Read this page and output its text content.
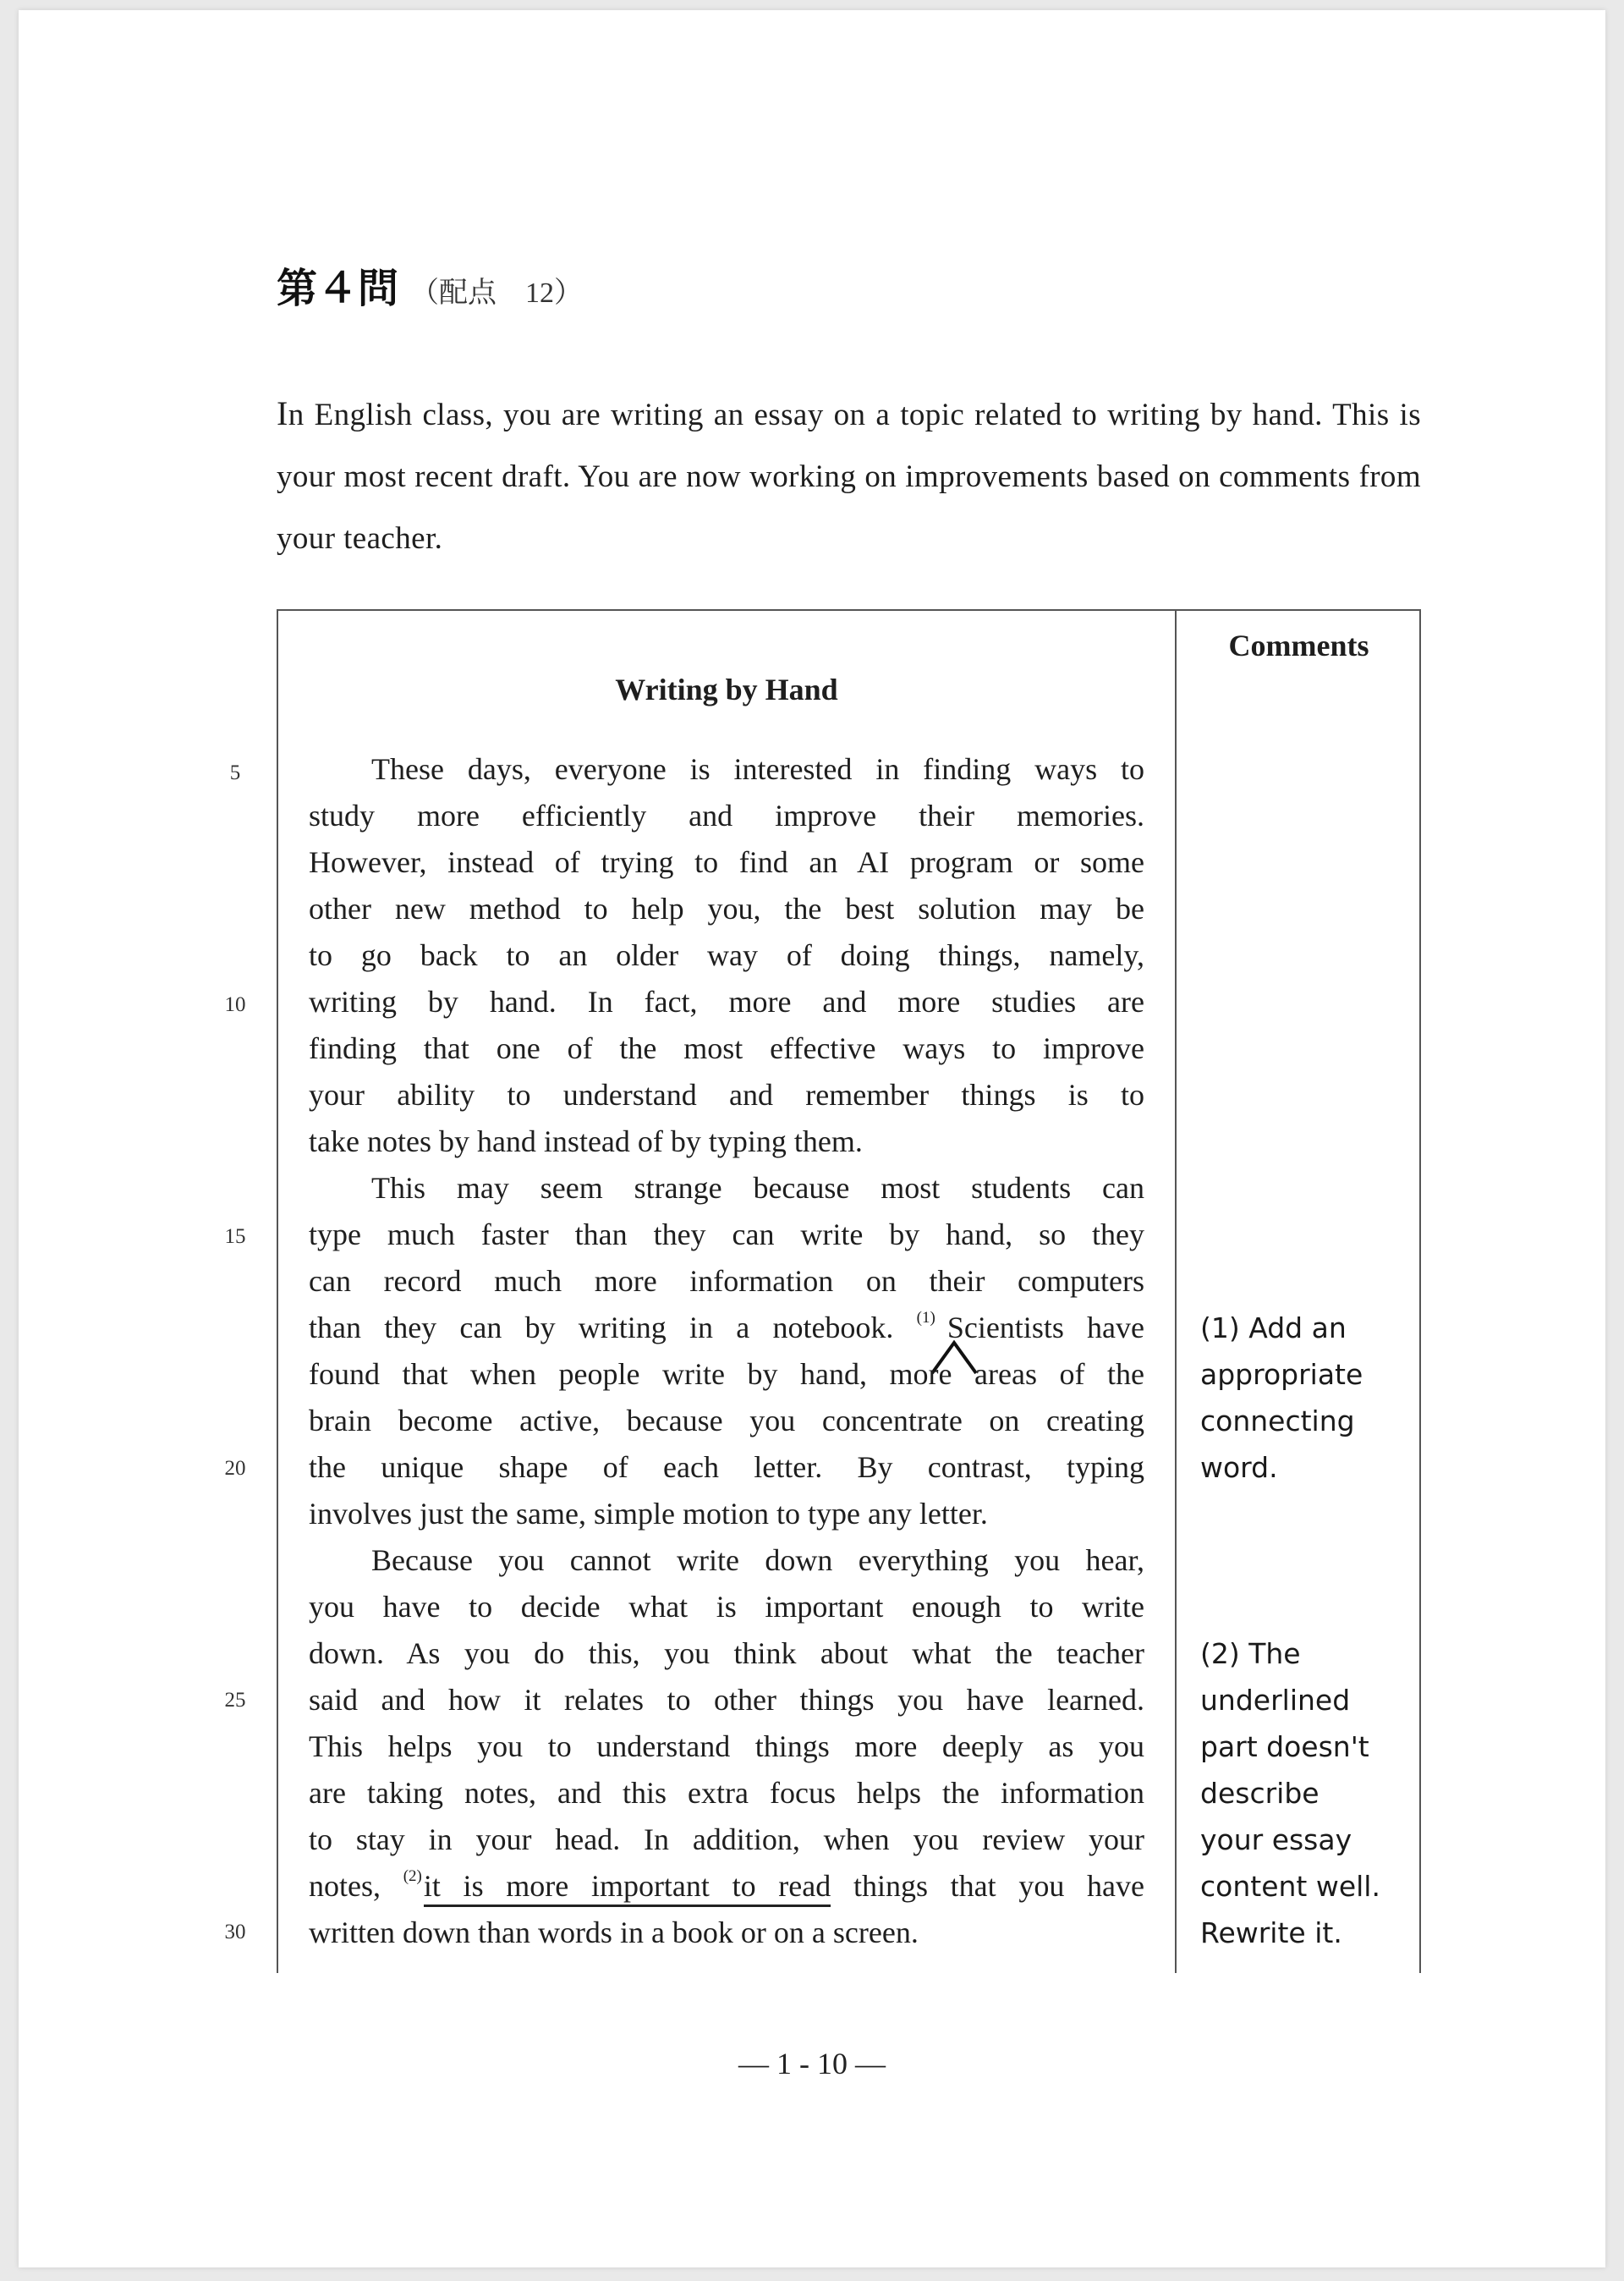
第４問 （配点　12）
In English class, you are writing an essay on a topic related to writing by hand. This is your most recent draft. You are now working on improvements based on comments from your teacher.
5
10
15
20
25
30
Comments
Writing by Hand
These days, everyone is interested in finding ways to
study more efficiently and improve their memories.
However, instead of trying to find an AI program or some
other new method to help you, the best solution may be
to go back to an older way of doing things, namely,
writing by hand. In fact, more and more studies are
finding that one of the most effective ways to improve
your ability to understand and remember things is to
take notes by hand instead of by typing them.
This may seem strange because most students can
type much faster than they can write by hand, so they
can record much more information on their computers
than they can by writing in a notebook. $^{(1)}$ Scientists have
found that when people write by hand, more areas of the
brain become active, because you concentrate on creating
the unique shape of each letter. By contrast, typing
involves just the same, simple motion to type any letter.
Because you cannot write down everything you hear,
you have to decide what is important enough to write
down. As you do this, you think about what the teacher
said and how it relates to other things you have learned.
This helps you to understand things more deeply as you
are taking notes, and this extra focus helps the information
to stay in your head. In addition, when you review your
notes, $^{(2)}$it is more important to read things that you have
written down than words in a book or on a screen.
(1) Add an
appropriate
connecting
word.
(2) The
underlined
part doesn't
describe
your essay
content well.
Rewrite it.
— 1 - 10 —
